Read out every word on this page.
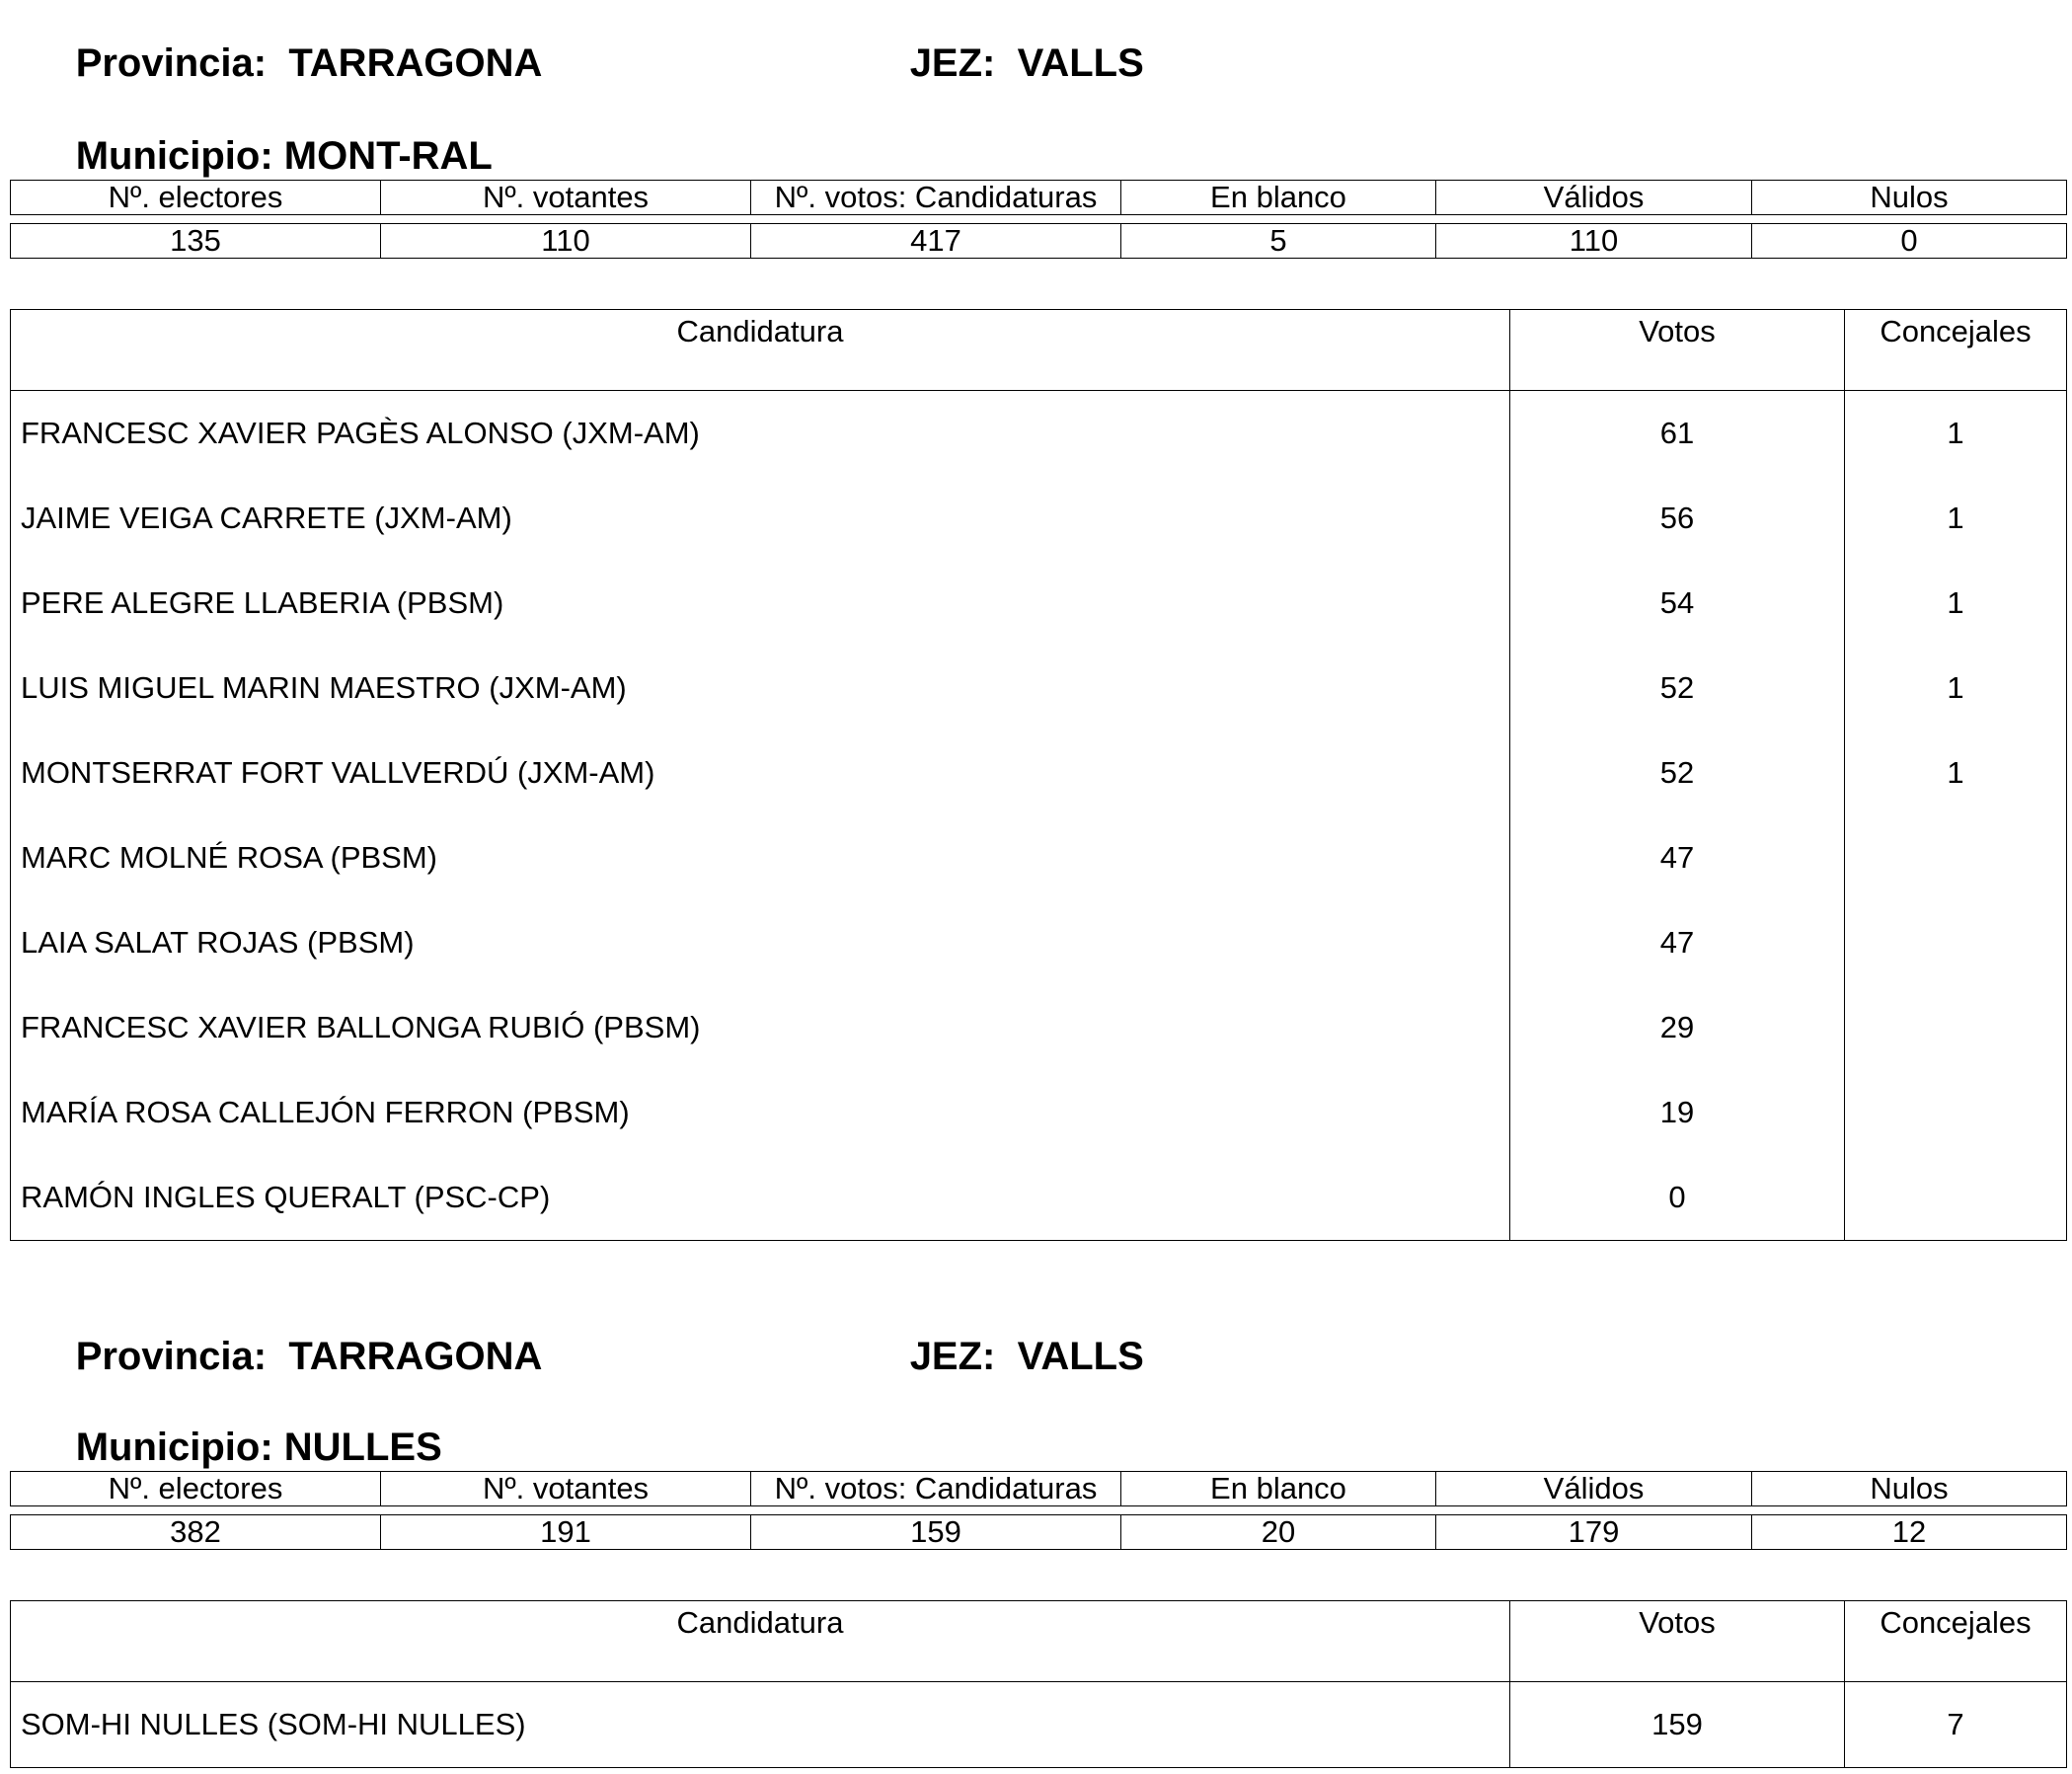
Provincia: TARRAGONA
	JEZ: VALLS

Municipio: MONT-RAL

Nº. electores	Nº. votantes	Nº. votos: Candidaturas	En blanco	Válidos	Nulos
135	110	417	5	110	0
Candidatura	Votos	Concejales
FRANCESC XAVIER PAGÈS ALONSO (JXM-AM)	61	1
JAIME VEIGA CARRETE (JXM-AM)	56	1
PERE ALEGRE LLABERIA (PBSM)	54	1
LUIS MIGUEL MARIN MAESTRO (JXM-AM)	52	1
MONTSERRAT FORT VALLVERDÚ (JXM-AM)	52	1
MARC MOLNÉ ROSA (PBSM)	47	
LAIA SALAT ROJAS (PBSM)	47	
FRANCESC XAVIER BALLONGA RUBIÓ (PBSM)	29	
MARÍA ROSA CALLEJÓN FERRON (PBSM)	19	
RAMÓN INGLES QUERALT (PSC-CP)	0	

Provincia: TARRAGONA
	JEZ: VALLS

Municipio: NULLES

Nº. electores	Nº. votantes	Nº. votos: Candidaturas	En blanco	Válidos	Nulos
382	191	159	20	179	12
Candidatura	Votos	Concejales
SOM-HI NULLES (SOM-HI NULLES)	159	7
